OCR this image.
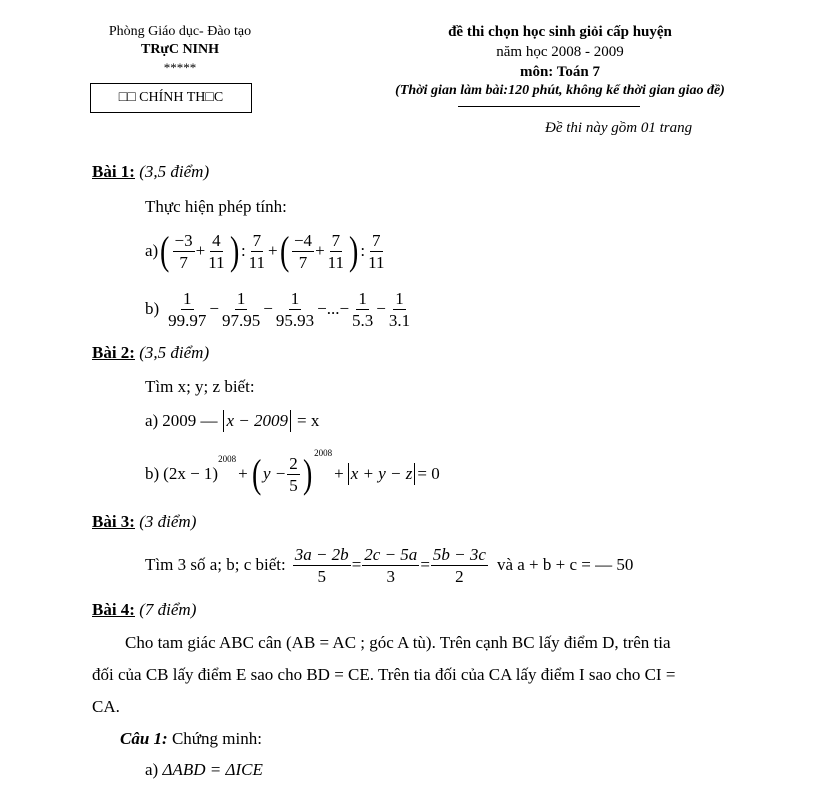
Phòng Giáo dục- Đào tạo
TRựC NINH
*****
□□ CHÍNH TH□C
đề thi chọn học sinh giỏi cấp huyện
năm học 2008 - 2009
môn: Toán 7
(Thời gian làm bài:120 phút, không kể thời gian giao đề)
Đề thi này gồm 01 trang
Bài 1: (3,5 điểm)
Thực hiện phép tính:
a) ( $\frac{-3}{7} + \frac{4}{11}$ ) : $\frac{7}{11}$ + ( $\frac{-4}{7} + \frac{7}{11}$ ) : $\frac{7}{11}$
$b) \frac{1}{99.97} - \frac{1}{97.95} - \frac{1}{95.93}$ − ... − $\frac{1}{5.3} - \frac{1}{3.1}$
Bài 2: (3,5 điểm)
Tìm x; y; z biết:
a) 2009 — x − 2009 = x
b) (2x − 1)
2008
+ ( $y - \frac{2}{5} )^{2008}$
+ x + y − z = 0
Bài 3: (3 điểm)
Tìm 3 số a; b; c biết: $\frac{3a - 2b}{5} = \frac{2c - 5a}{3} = \frac{5b - 3c}{2}$ và a + b + c = — 50
Bài 4: (7 điểm)
Cho tam giác ABC cân (AB = AC ; góc A tù). Trên cạnh BC lấy điểm D, trên tia
đối của CB lấy điểm E sao cho BD = CE. Trên tia đối của CA lấy điểm I sao cho CI =
CA.
Câu 1: Chứng minh:
a) ΔABD = ΔICE
